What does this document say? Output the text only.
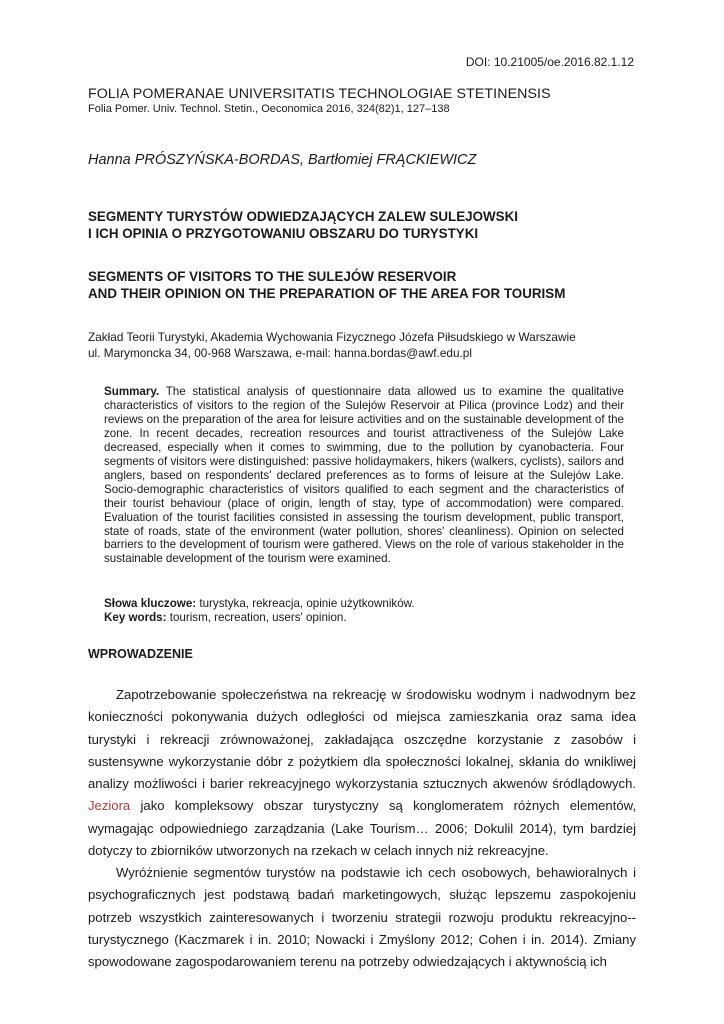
DOI: 10.21005/oe.2016.82.1.12
FOLIA POMERANAE UNIVERSITATIS TECHNOLOGIAE STETINENSIS
Folia Pomer. Univ. Technol. Stetin., Oeconomica 2016, 324(82)1, 127–138
Hanna PRÓSZYŃSKA-BORDAS, Bartłomiej FRĄCKIEWICZ
SEGMENTY TURYSTÓW ODWIEDZAJĄCYCH ZALEW SULEJOWSKI
I ICH OPINIA O PRZYGOTOWANIU OBSZARU DO TURYSTYKI
SEGMENTS OF VISITORS TO THE SULEJÓW RESERVOIR
AND THEIR OPINION ON THE PREPARATION OF THE AREA FOR TOURISM
Zakład Teorii Turystyki, Akademia Wychowania Fizycznego Józefa Piłsudskiego w Warszawie
ul. Marymoncka 34, 00-968 Warszawa, e-mail: hanna.bordas@awf.edu.pl
Summary. The statistical analysis of questionnaire data allowed us to examine the qualitative characteristics of visitors to the region of the Sulejów Reservoir at Pilica (province Lodz) and their reviews on the preparation of the area for leisure activities and on the sustainable development of the zone. In recent decades, recreation resources and tourist attractiveness of the Sulejów Lake decreased, especially when it comes to swimming, due to the pollution by cyanobacteria. Four segments of visitors were distinguished: passive holidaymakers, hikers (walkers, cyclists), sailors and anglers, based on respondents' declared preferences as to forms of leisure at the Sulejów Lake. Socio-demographic characteristics of visitors qualified to each segment and the characteristics of their tourist behaviour (place of origin, length of stay, type of accommodation) were compared. Evaluation of the tourist facilities consisted in assessing the tourism development, public transport, state of roads, state of the environment (water pollution, shores' cleanliness). Opinion on selected barriers to the development of tourism were gathered. Views on the role of various stakeholder in the sustainable development of the tourism were examined.
Słowa kluczowe: turystyka, rekreacja, opinie użytkowników.
Key words: tourism, recreation, users' opinion.
WPROWADZENIE
Zapotrzebowanie społeczeństwa na rekreację w środowisku wodnym i nadwodnym bez konieczności pokonywania dużych odległości od miejsca zamieszkania oraz sama idea turystyki i rekreacji zrównoważonej, zakładająca oszczędne korzystanie z zasobów i sustensywne wykorzystanie dóbr z pożytkiem dla społeczności lokalnej, skłania do wnikliwej analizy możliwości i barier rekreacyjnego wykorzystania sztucznych akwenów śródlądowych. Jeziora jako kompleksowy obszar turystyczny są konglomeratem różnych elementów, wymagając odpowiedniego zarządzania (Lake Tourism… 2006; Dokulil 2014), tym bardziej dotyczy to zbiorników utworzonych na rzekach w celach innych niż rekreacyjne.
Wyróżnienie segmentów turystów na podstawie ich cech osobowych, behawioralnych i psychograficznych jest podstawą badań marketingowych, służąc lepszemu zaspokojeniu potrzeb wszystkich zainteresowanych i tworzeniu strategii rozwoju produktu rekreacyjno--turystycznego (Kaczmarek i in. 2010; Nowacki i Zmyślony 2012; Cohen i in. 2014). Zmiany spowodowane zagospodarowaniem terenu na potrzeby odwiedzających i aktywnością ich
